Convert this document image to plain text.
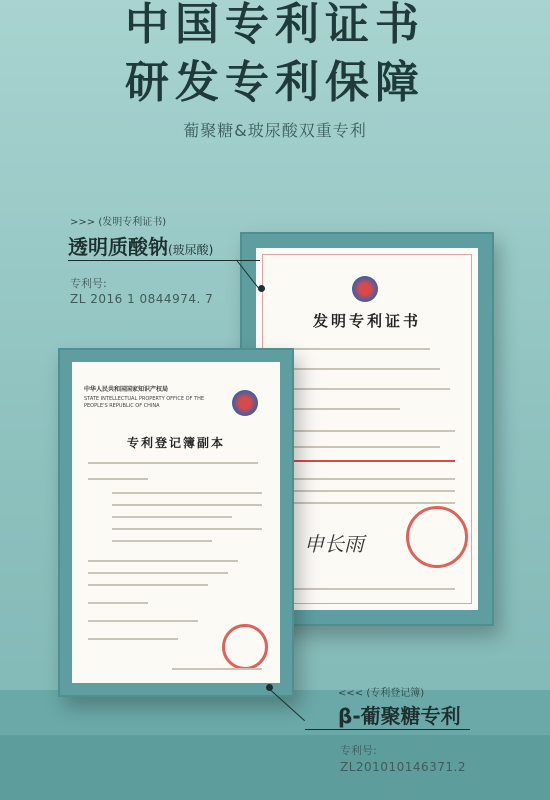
中国专利证书
研发专利保障
葡聚糖&玻尿酸双重专利
发明专利证书
申长雨
中华人民共和国国家知识产权局
STATE INTELLECTUAL PROPERTY OFFICE OF THE PEOPLE'S REPUBLIC OF CHINA
专利登记簿副本
>>> (发明专利证书)
透明质酸钠(玻尿酸)
专利号:
ZL 2016 1 0844974. 7
<<< (专利登记簿)
β-葡聚糖专利
专利号:
ZL201010146371.2
